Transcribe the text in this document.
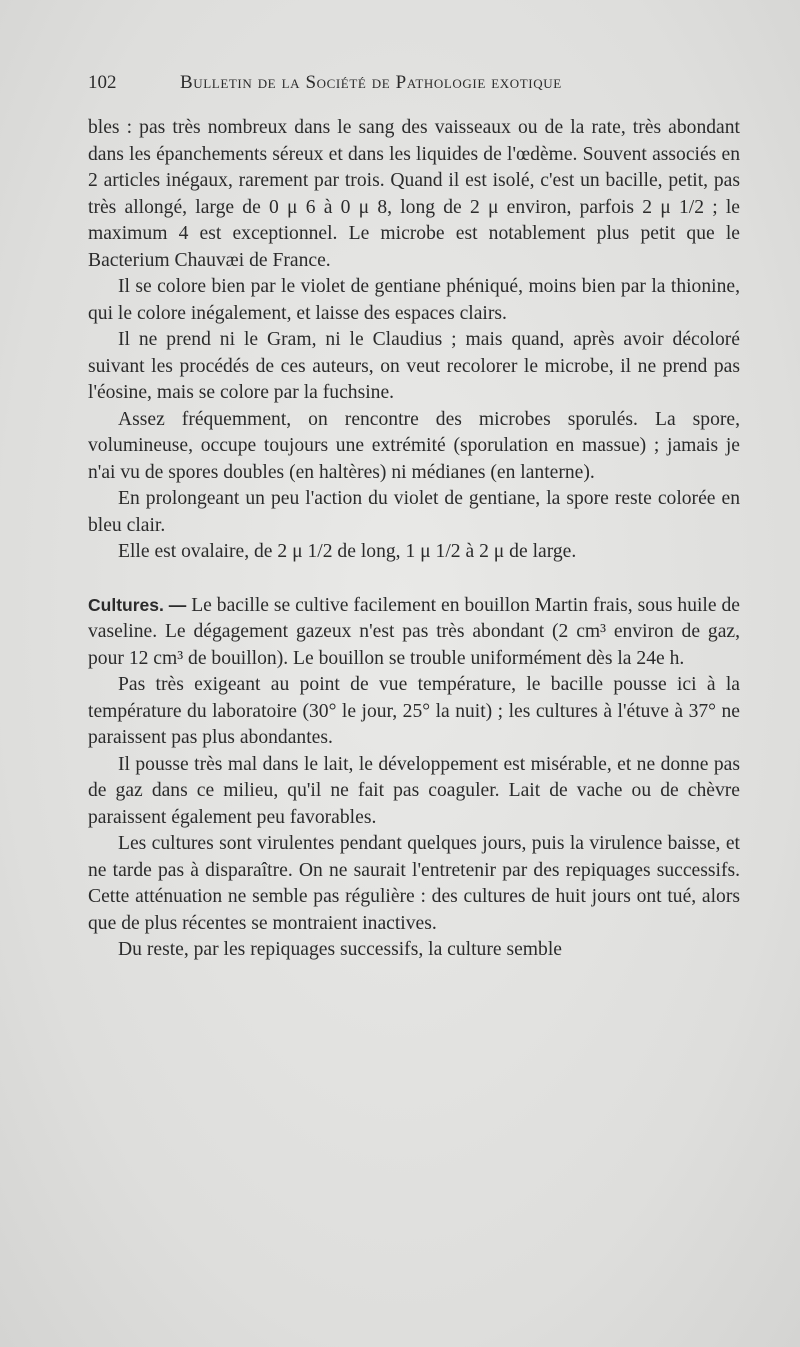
102	Bulletin de la Société de Pathologie exotique

bles : pas très nombreux dans le sang des vaisseaux ou de la rate, très abondant dans les épanchements séreux et dans les liquides de l'œdème. Souvent associés en 2 articles inégaux, rarement par trois. Quand il est isolé, c'est un bacille, petit, pas très allongé, large de 0 μ 6 à 0 μ 8, long de 2 μ environ, parfois 2 μ 1/2 ; le maximum 4 est exceptionnel. Le microbe est notablement plus petit que le Bacterium Chauvæi de France.

Il se colore bien par le violet de gentiane phéniqué, moins bien par la thionine, qui le colore inégalement, et laisse des espaces clairs.

Il ne prend ni le Gram, ni le Claudius ; mais quand, après avoir décoloré suivant les procédés de ces auteurs, on veut recolorer le microbe, il ne prend pas l'éosine, mais se colore par la fuchsine.

Assez fréquemment, on rencontre des microbes sporulés. La spore, volumineuse, occupe toujours une extrémité (sporulation en massue) ; jamais je n'ai vu de spores doubles (en haltères) ni médianes (en lanterne).

En prolongeant un peu l'action du violet de gentiane, la spore reste colorée en bleu clair.

Elle est ovalaire, de 2 μ 1/2 de long, 1 μ 1/2 à 2 μ de large.

Cultures. — Le bacille se cultive facilement en bouillon Martin frais, sous huile de vaseline. Le dégagement gazeux n'est pas très abondant (2 cm³ environ de gaz, pour 12 cm³ de bouillon). Le bouillon se trouble uniformément dès la 24e h.

Pas très exigeant au point de vue température, le bacille pousse ici à la température du laboratoire (30° le jour, 25° la nuit) ; les cultures à l'étuve à 37° ne paraissent pas plus abondantes.

Il pousse très mal dans le lait, le développement est misérable, et ne donne pas de gaz dans ce milieu, qu'il ne fait pas coaguler. Lait de vache ou de chèvre paraissent également peu favorables.

Les cultures sont virulentes pendant quelques jours, puis la virulence baisse, et ne tarde pas à disparaître. On ne saurait l'entretenir par des repiquages successifs. Cette atténuation ne semble pas régulière : des cultures de huit jours ont tué, alors que de plus récentes se montraient inactives.

Du reste, par les repiquages successifs, la culture semble
